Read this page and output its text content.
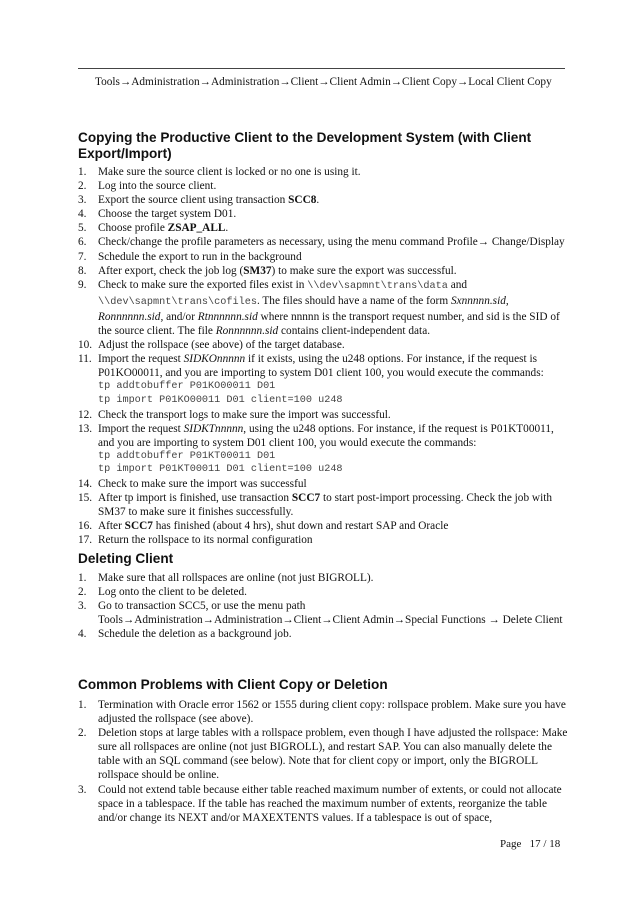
Tools→Administration→Administration→Client→Client Admin→Client Copy→Local Client Copy
Copying the Productive Client to the Development System (with Client Export/Import)
1. Make sure the source client is locked or no one is using it.
2. Log into the source client.
3. Export the source client using transaction SCC8.
4. Choose the target system D01.
5. Choose profile ZSAP_ALL.
6. Check/change the profile parameters as necessary, using the menu command Profile→ Change/Display
7. Schedule the export to run in the background
8. After export, check the job log (SM37) to make sure the export was successful.
9. Check to make sure the exported files exist in \\dev\sapmnt\trans\data and \\dev\sapmnt\trans\cofiles. The files should have a name of the form Sxnnnnn.sid, Ronnnnnn.sid, and/or Rtnnnnnn.sid where nnnnn is the transport request number, and sid is the SID of the source client. The file Ronnnnnn.sid contains client-independent data.
10. Adjust the rollspace (see above) of the target database.
11. Import the request SIDKOnnnnn if it exists, using the u248 options. For instance, if the request is P01KO00011, and you are importing to system D01 client 100, you would execute the commands:
tp addtobuffer P01KO00011 D01
tp import P01KO00011 D01 client=100 u248
12. Check the transport logs to make sure the import was successful.
13. Import the request SIDKTnnnnn, using the u248 options. For instance, if the request is P01KT00011, and you are importing to system D01 client 100, you would execute the commands:
tp addtobuffer P01KT00011 D01
tp import P01KT00011 D01 client=100 u248
14. Check to make sure the import was successful
15. After tp import is finished, use transaction SCC7 to start post-import processing. Check the job with SM37 to make sure it finishes successfully.
16. After SCC7 has finished (about 4 hrs), shut down and restart SAP and Oracle
17. Return the rollspace to its normal configuration
Deleting Client
1. Make sure that all rollspaces are online (not just BIGROLL).
2. Log onto the client to be deleted.
3. Go to transaction SCC5, or use the menu path Tools→Administration→Administration→Client→Client Admin→Special Functions → Delete Client
4. Schedule the deletion as a background job.
Common Problems with Client Copy or Deletion
1. Termination with Oracle error 1562 or 1555 during client copy: rollspace problem. Make sure you have adjusted the rollspace (see above).
2. Deletion stops at large tables with a rollspace problem, even though I have adjusted the rollspace: Make sure all rollspaces are online (not just BIGROLL), and restart SAP. You can also manually delete the table with an SQL command (see below). Note that for client copy or import, only the BIGROLL rollspace should be online.
3. Could not extend table because either table reached maximum number of extents, or could not allocate space in a tablespace. If the table has reached the maximum number of extents, reorganize the table and/or change its NEXT and/or MAXEXTENTS values. If a tablespace is out of space,
Page 17 / 18
